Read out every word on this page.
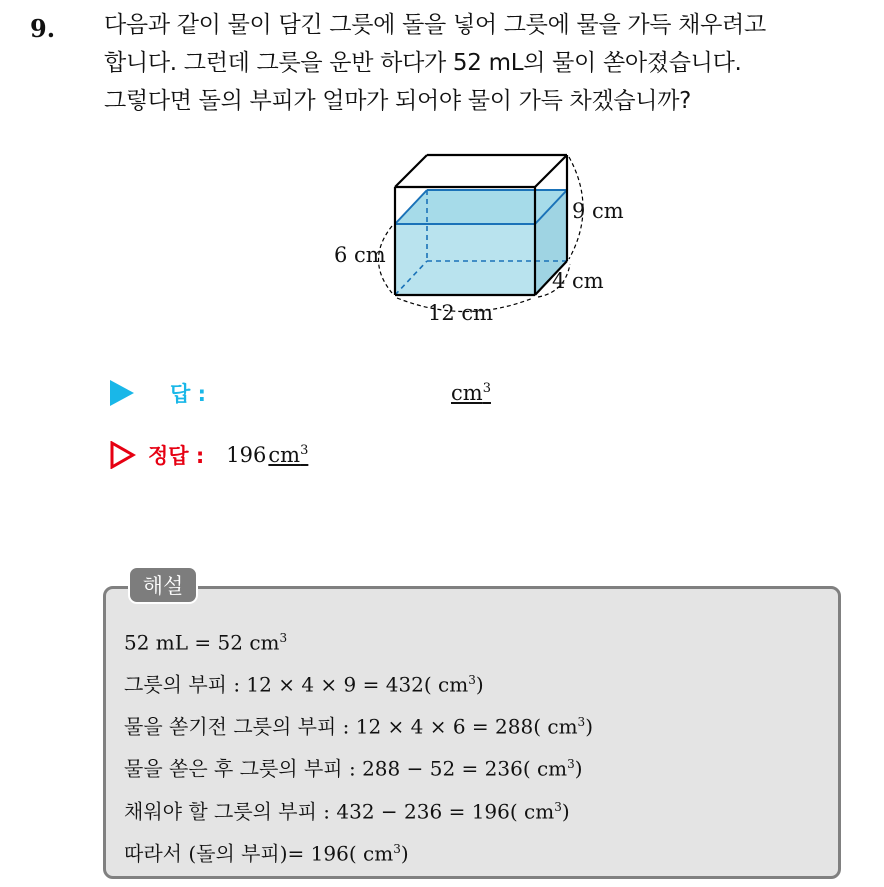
9. 다음과 같이 물이 담긴 그릇에 돌을 넣어 그릇에 물을 가득 채우려고
합니다. 그런데 그릇을 운반 하다가 52 mL의 물이 쏟아졌습니다.
그렇다면 돌의 부피가 얼마가 되어야 물이 가득 차겠습니까?
9 cm
6 cm
4 cm
12 cm
답 :	$cm^3$
정답 : 196 $cm^3$
해설
52 mL = 52 $cm^3$
그릇의 부피 : 12 × 4 × 9 = 432( $cm^3$)
물을 쏟기전 그릇의 부피 : 12 × 4 × 6 = 288( $cm^3$)
물을 쏟은 후 그릇의 부피 : 288 − 52 = 236( $cm^3$)
채워야 할 그릇의 부피 : 432 − 236 = 196( $cm^3$)
따라서 (돌의 부피)= 196( $cm^3$)
